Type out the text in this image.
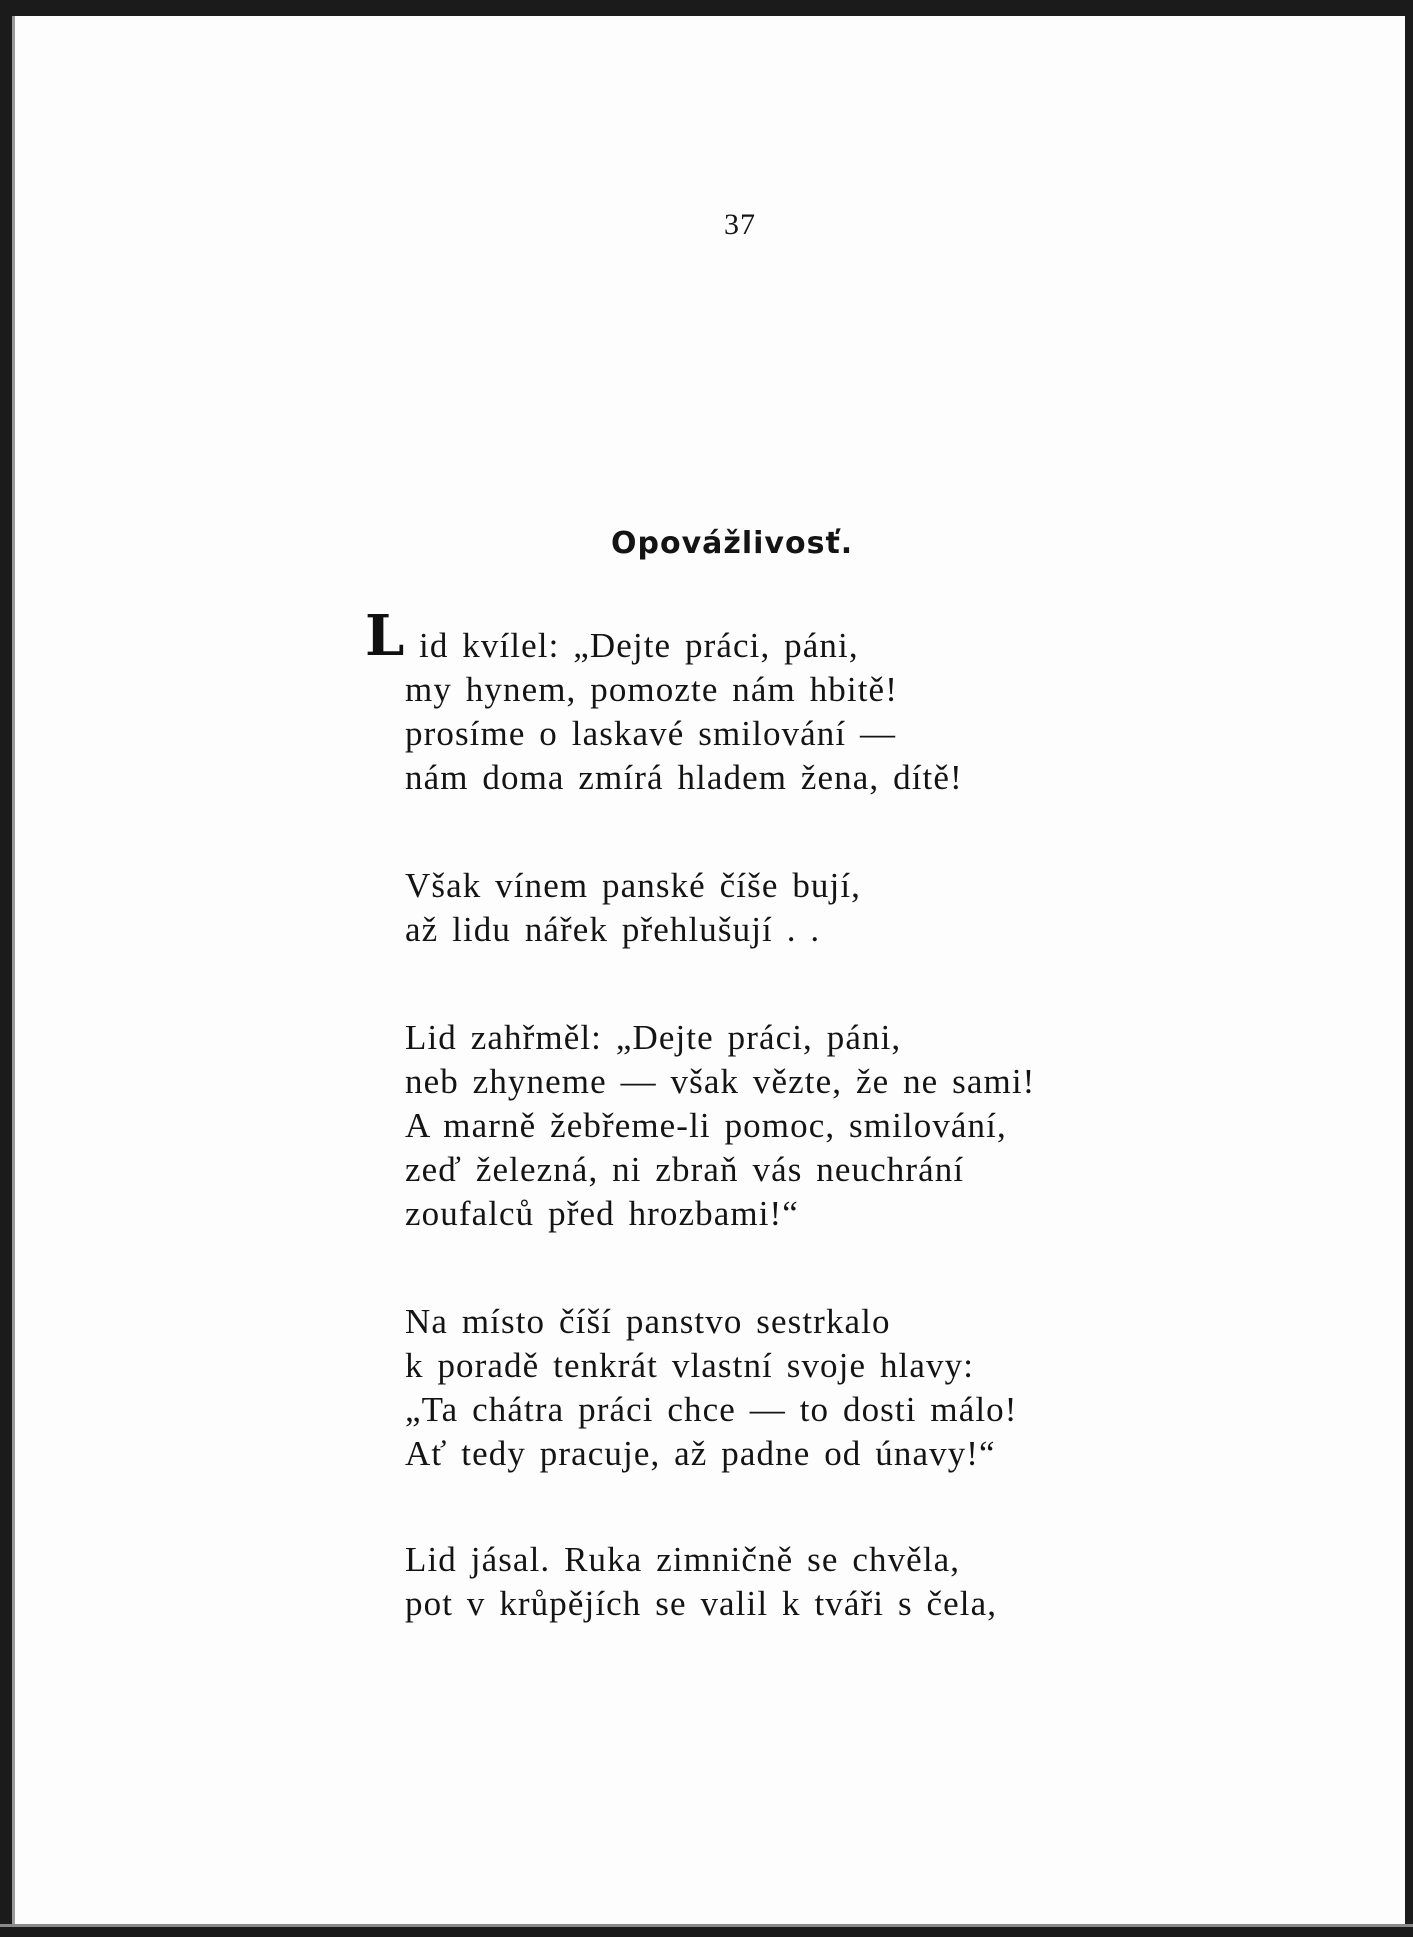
37
Opovážlivosť.
L id kvílel: „Dejte práci, páni,
my hynem, pomozte nám hbitě!
prosíme o laskavé smilování —
nám doma zmírá hladem žena, dítě!
Však vínem panské číše bují,
až lidu nářek přehlušují . .
Lid zahřměl: „Dejte práci, páni,
neb zhyneme — však vězte, že ne sami!
A marně žebřeme-li pomoc, smilování,
zeď železná, ni zbraň vás neuchrání
zoufalců před hrozbami!“
Na místo číší panstvo sestrkalo
k poradě tenkrát vlastní svoje hlavy:
„Ta chátra práci chce — to dosti málo!
Ať tedy pracuje, až padne od únavy!“
Lid jásal. Ruka zimničně se chvěla,
pot v krůpějích se valil k tváři s čela,
